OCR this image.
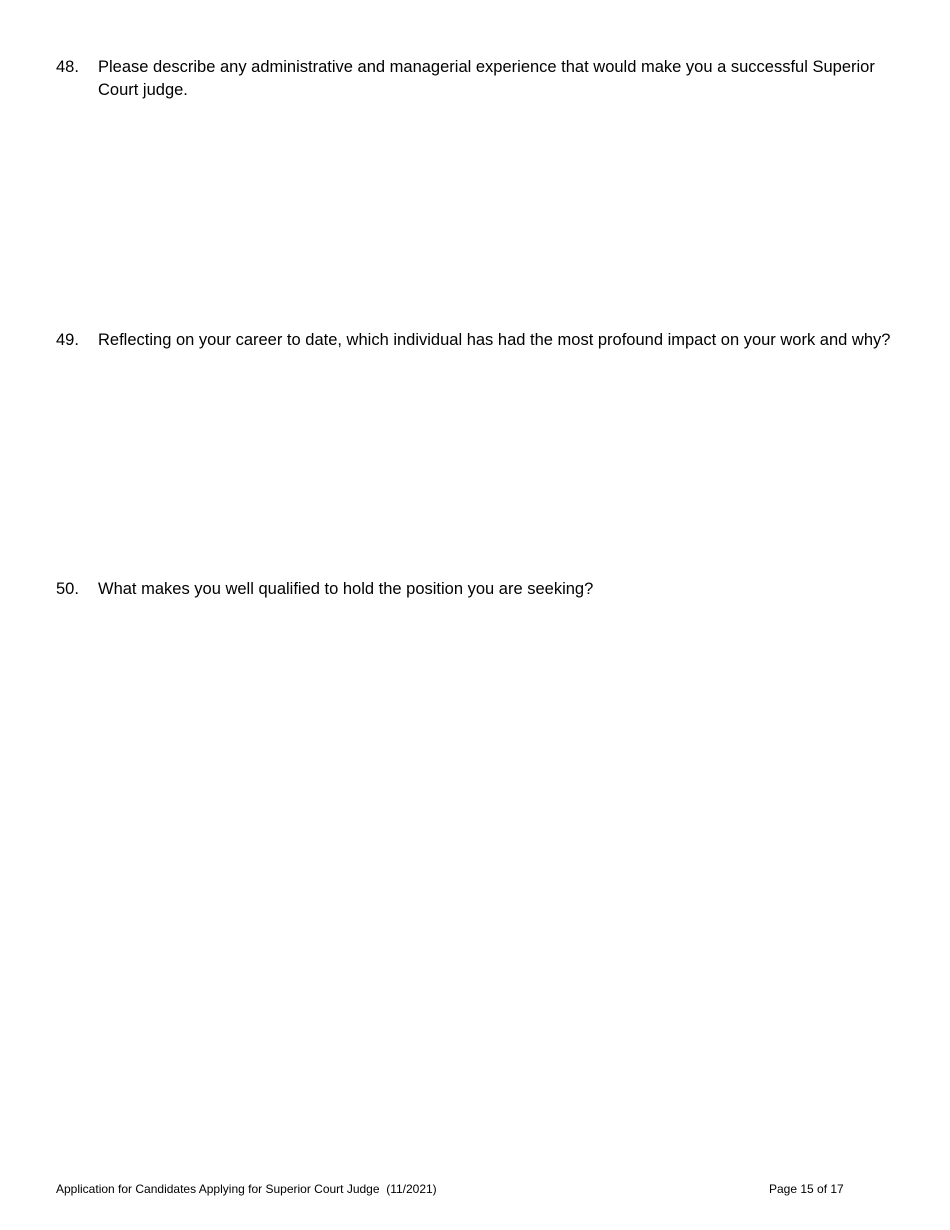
48.	Please describe any administrative and managerial experience that would make you a successful Superior Court judge.
49.	Reflecting on your career to date, which individual has had the most profound impact on your work and why?
50.	What makes you well qualified to hold the position you are seeking?
Application for Candidates Applying for Superior Court Judge  (11/2021)	Page 15 of 17
